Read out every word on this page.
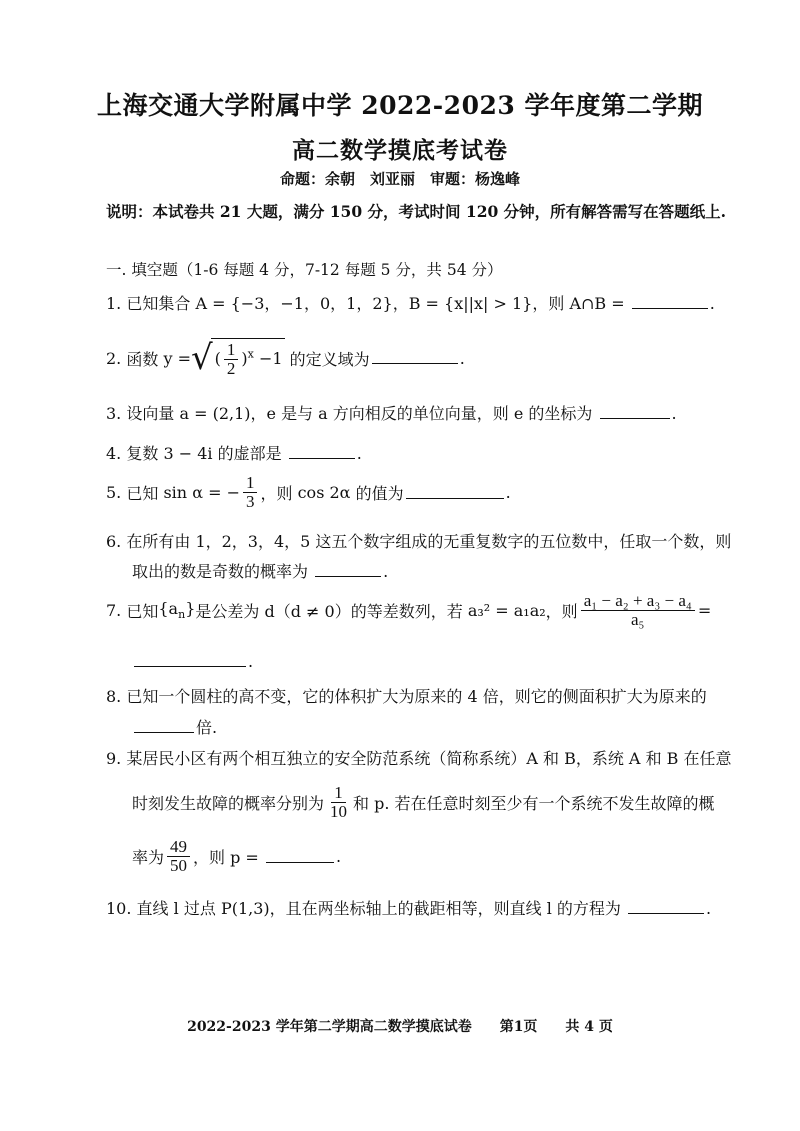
上海交通大学附属中学 2022-2023 学年度第二学期
高二数学摸底考试卷
命题：余朝　刘亚丽　审题：杨逸峰
说明：本试卷共 21 大题，满分 150 分，考试时间 120 分钟，所有解答需写在答题纸上.
一. 填空题（1-6 每题 4 分，7-12 每题 5 分，共 54 分）
1. 已知集合 A = {−3，−1，0，1，2}，B = {x||x| > 1}，则 A∩B =	.
2.
函数
y = √ ( $\frac{1}{2} )^x -1$
的定义域为	.
3. 设向量 a = (2,1)，e 是与 a 方向相反的单位向量，则 e 的坐标为	.
4. 复数 3 − 4i 的虚部是	.
5.
已知
sin α = − $\frac{1}{3}$ ，则
cos 2α
的值为	.
6. 在所有由 1，2，3，4，5 这五个数字组成的无重复数字的五位数中，任取一个数，则
取出的数是奇数的概率为	.
7.
已知 $\{a_n\}$ 是公差为 d（d ≠ 0）的等差数列，若
a₃² = a₁a₂ ，则 $\frac{\text{a₁ − a₂ + a₃ − a₄}}{\text{a₅}}$ =
.
8. 已知一个圆柱的高不变，它的体积扩大为原来的 4 倍，则它的侧面积扩大为原来的
倍.
9. 某居民小区有两个相互独立的安全防范系统（简称系统）A 和 B，系统 A 和 B 在任意
时刻发生故障的概率分别为 $\frac{1}{10}$ 和 p. 若在任意时刻至少有一个系统不发生故障的概
率为 $\frac{49}{50}$ ，则 p =
	.
10. 直线 l 过点 P(1,3)，且在两坐标轴上的截距相等，则直线 l 的方程为	.
2022-2023 学年第二学期高二数学摸底试卷　　第1页　　共 4 页
